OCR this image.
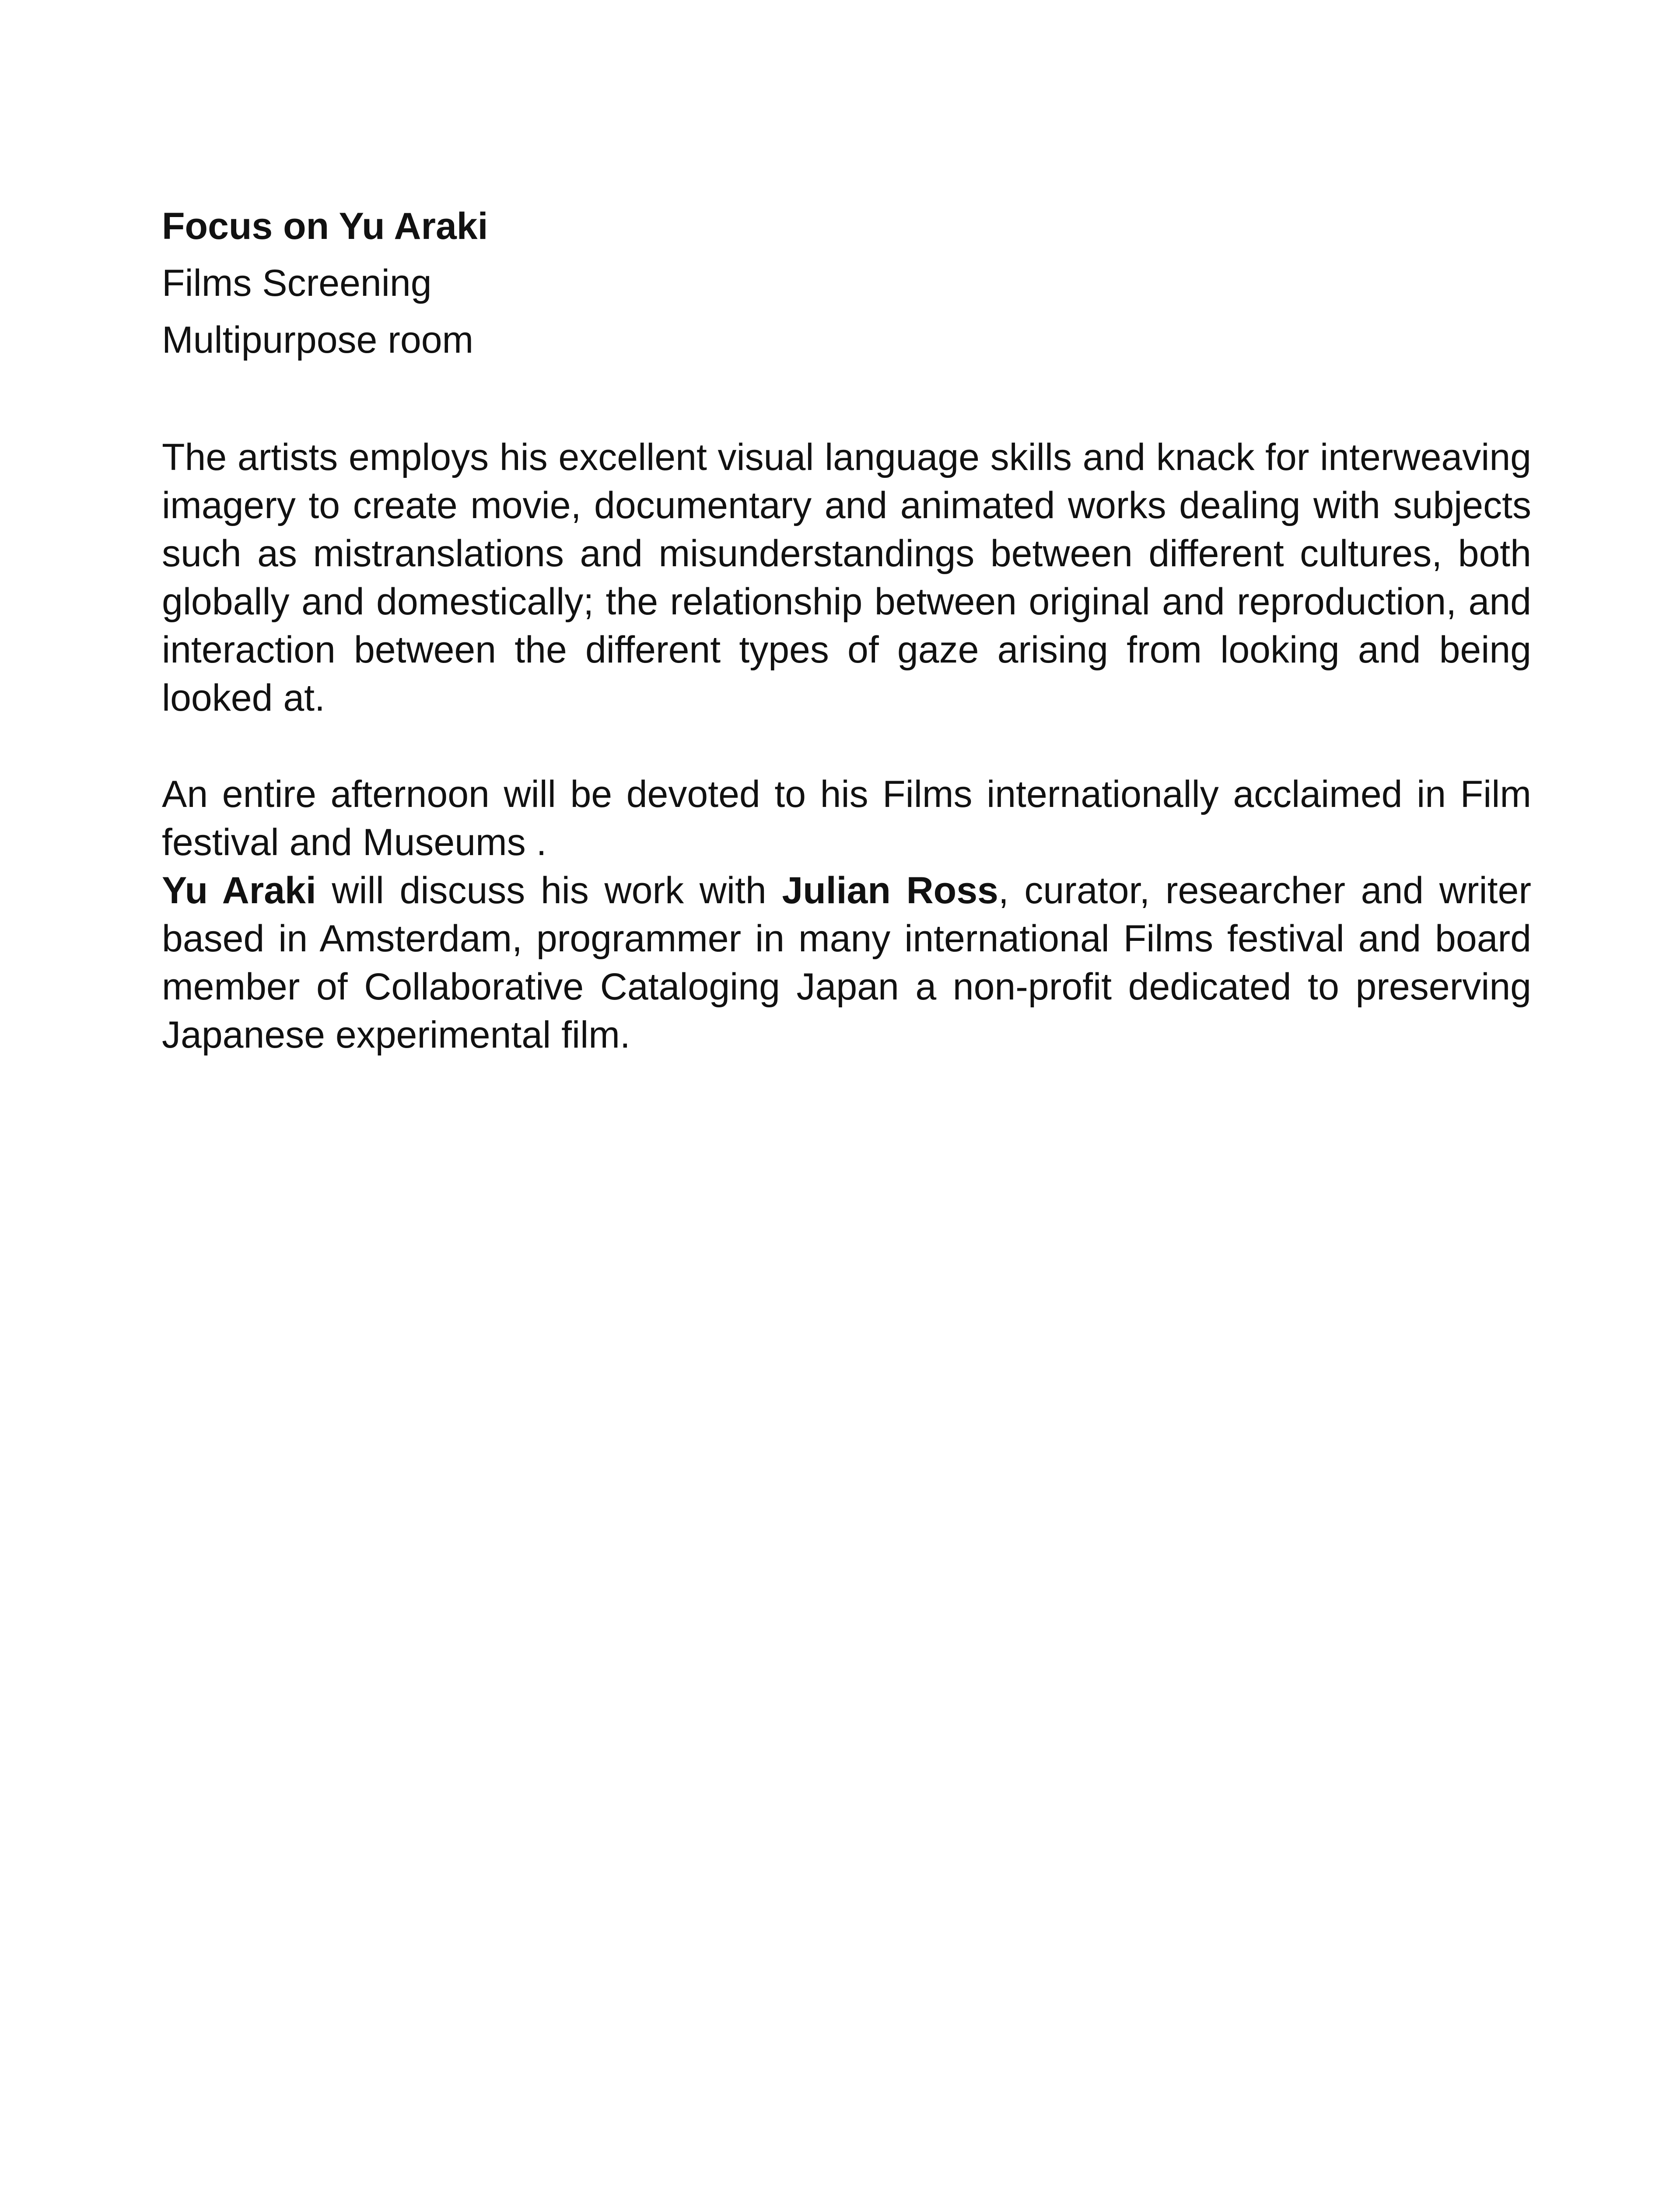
Focus on Yu Araki

Films Screening

Multipurpose room

The artists employs his excellent visual language skills and knack for interweaving imagery to create movie, documentary and animated works dealing with subjects such as mistranslations and misunderstandings between different cultures, both globally and domestically; the relationship between original and reproduction, and interaction between the different types of gaze arising from looking and being looked at.

An entire afternoon will be devoted to his Films internationally acclaimed in Film festival and Museums .

Yu Araki will discuss his work with Julian Ross, curator, researcher and writer based in Amsterdam, programmer in many international Films festival and board member of Collaborative Cataloging Japan a non-profit dedicated to preserving Japanese experimental film.
